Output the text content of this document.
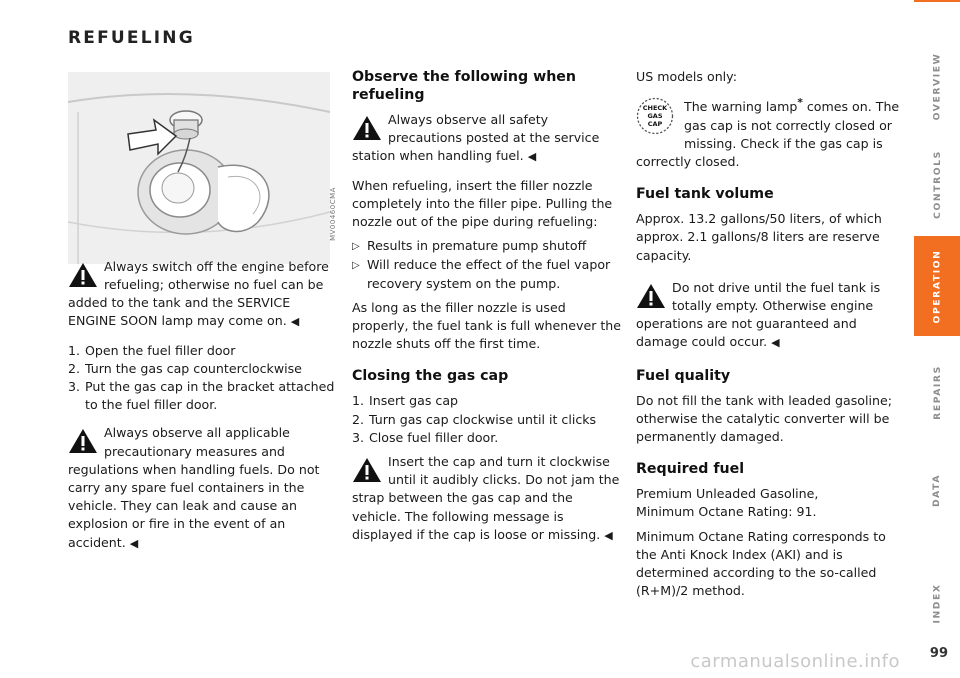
REFUELING
MV00460CMA

Always switch off the engine before refueling; otherwise no fuel can be added to the tank and the SERVICE ENGINE SOON lamp may come on. ◀

1. Open the fuel filler door
2. Turn the gas cap counterclockwise
3. Put the gas cap in the bracket attached to the fuel filler door.

Always observe all applicable precautionary measures and regulations when handling fuels. Do not carry any spare fuel containers in the vehicle. They can leak and cause an explosion or fire in the event of an accident. ◀

Observe the following when refueling

Always observe all safety precautions posted at the service station when handling fuel. ◀

When refueling, insert the filler nozzle completely into the filler pipe. Pulling the nozzle out of the pipe during refueling:

▷ Results in premature pump shutoff
▷ Will reduce the effect of the fuel vapor recovery system on the pump.

As long as the filler nozzle is used properly, the fuel tank is full whenever the nozzle shuts off the first time.

Closing the gas cap
1. Insert gas cap
2. Turn gas cap clockwise until it clicks
3. Close fuel filler door.

Insert the cap and turn it clockwise until it audibly clicks. Do not jam the strap between the gas cap and the vehicle. The following message is displayed if the cap is loose or missing. ◀

US models only:

CHECK
GAS
CAP

The warning lamp* comes on. The gas cap is not correctly closed or missing. Check if the gas cap is correctly closed.

Fuel tank volume

Approx. 13.2 gallons/50 liters, of which approx. 2.1 gallons/8 liters are reserve capacity.

Do not drive until the fuel tank is totally empty. Otherwise engine operations are not guaranteed and damage could occur. ◀

Fuel quality

Do not fill the tank with leaded gasoline; otherwise the catalytic converter will be permanently damaged.

Required fuel

Premium Unleaded Gasoline,

Minimum Octane Rating: 91.

Minimum Octane Rating corresponds to the Anti Knock Index (AKI) and is determined according to the so-called (R+M)/2 method.

OVERVIEW
CONTROLS
OPERATION
REPAIRS
DATA
INDEX
carmanualsonline.info 99
